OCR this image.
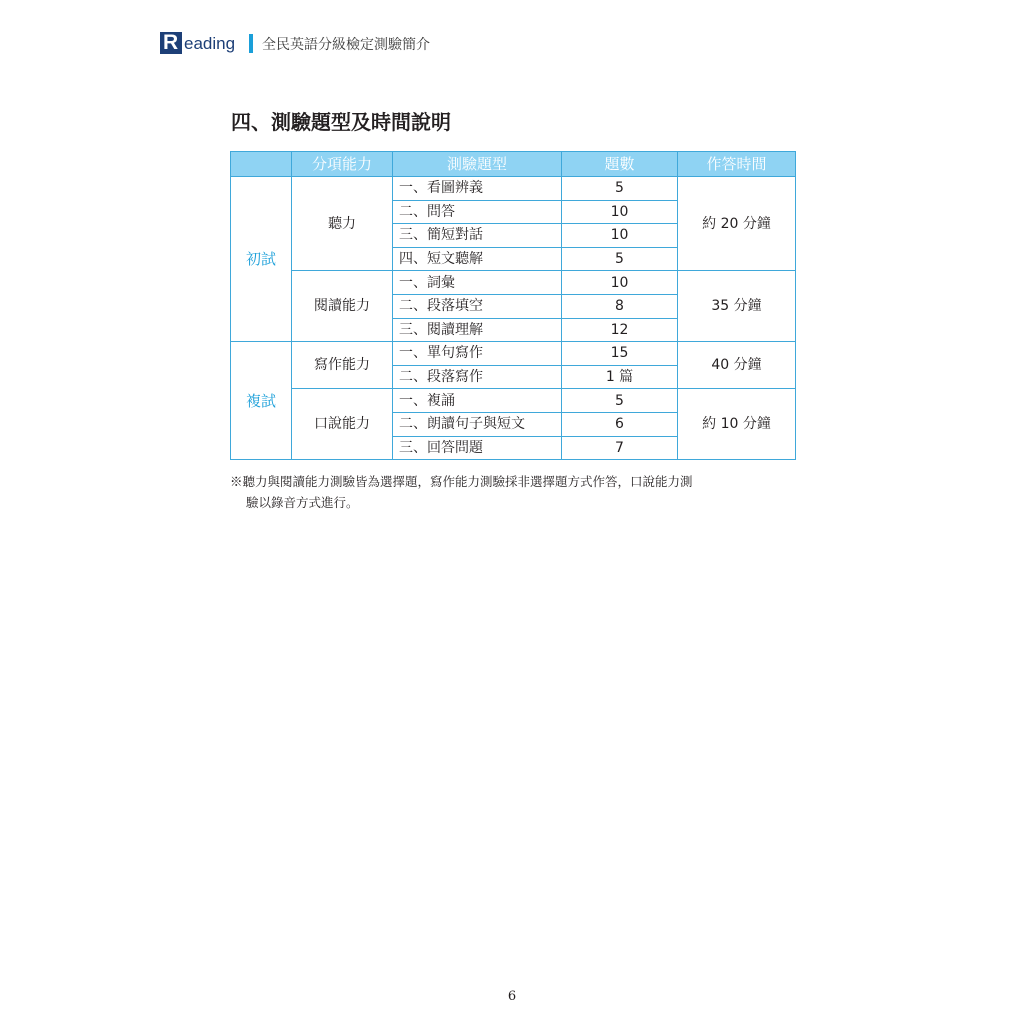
R eading 全民英語分級檢定測驗簡介
四、測驗題型及時間說明
	分項能力	測驗題型	題數	作答時間
初試	聽力	一、看圖辨義	5	約 20 分鐘
		二、問答	10	
		三、簡短對話	10	
		四、短文聽解	5	
	閱讀能力	一、詞彙	10	35 分鐘
		二、段落填空	8	
		三、閱讀理解	12	
複試	寫作能力	一、單句寫作	15	40 分鐘
		二、段落寫作	1 篇	
	口說能力	一、複誦	5	約 10 分鐘
		二、朗讀句子與短文	6	
		三、回答問題	7	
※聽力與閱讀能力測驗皆為選擇題，寫作能力測驗採非選擇題方式作答，口說能力測
驗以錄音方式進行。
6
